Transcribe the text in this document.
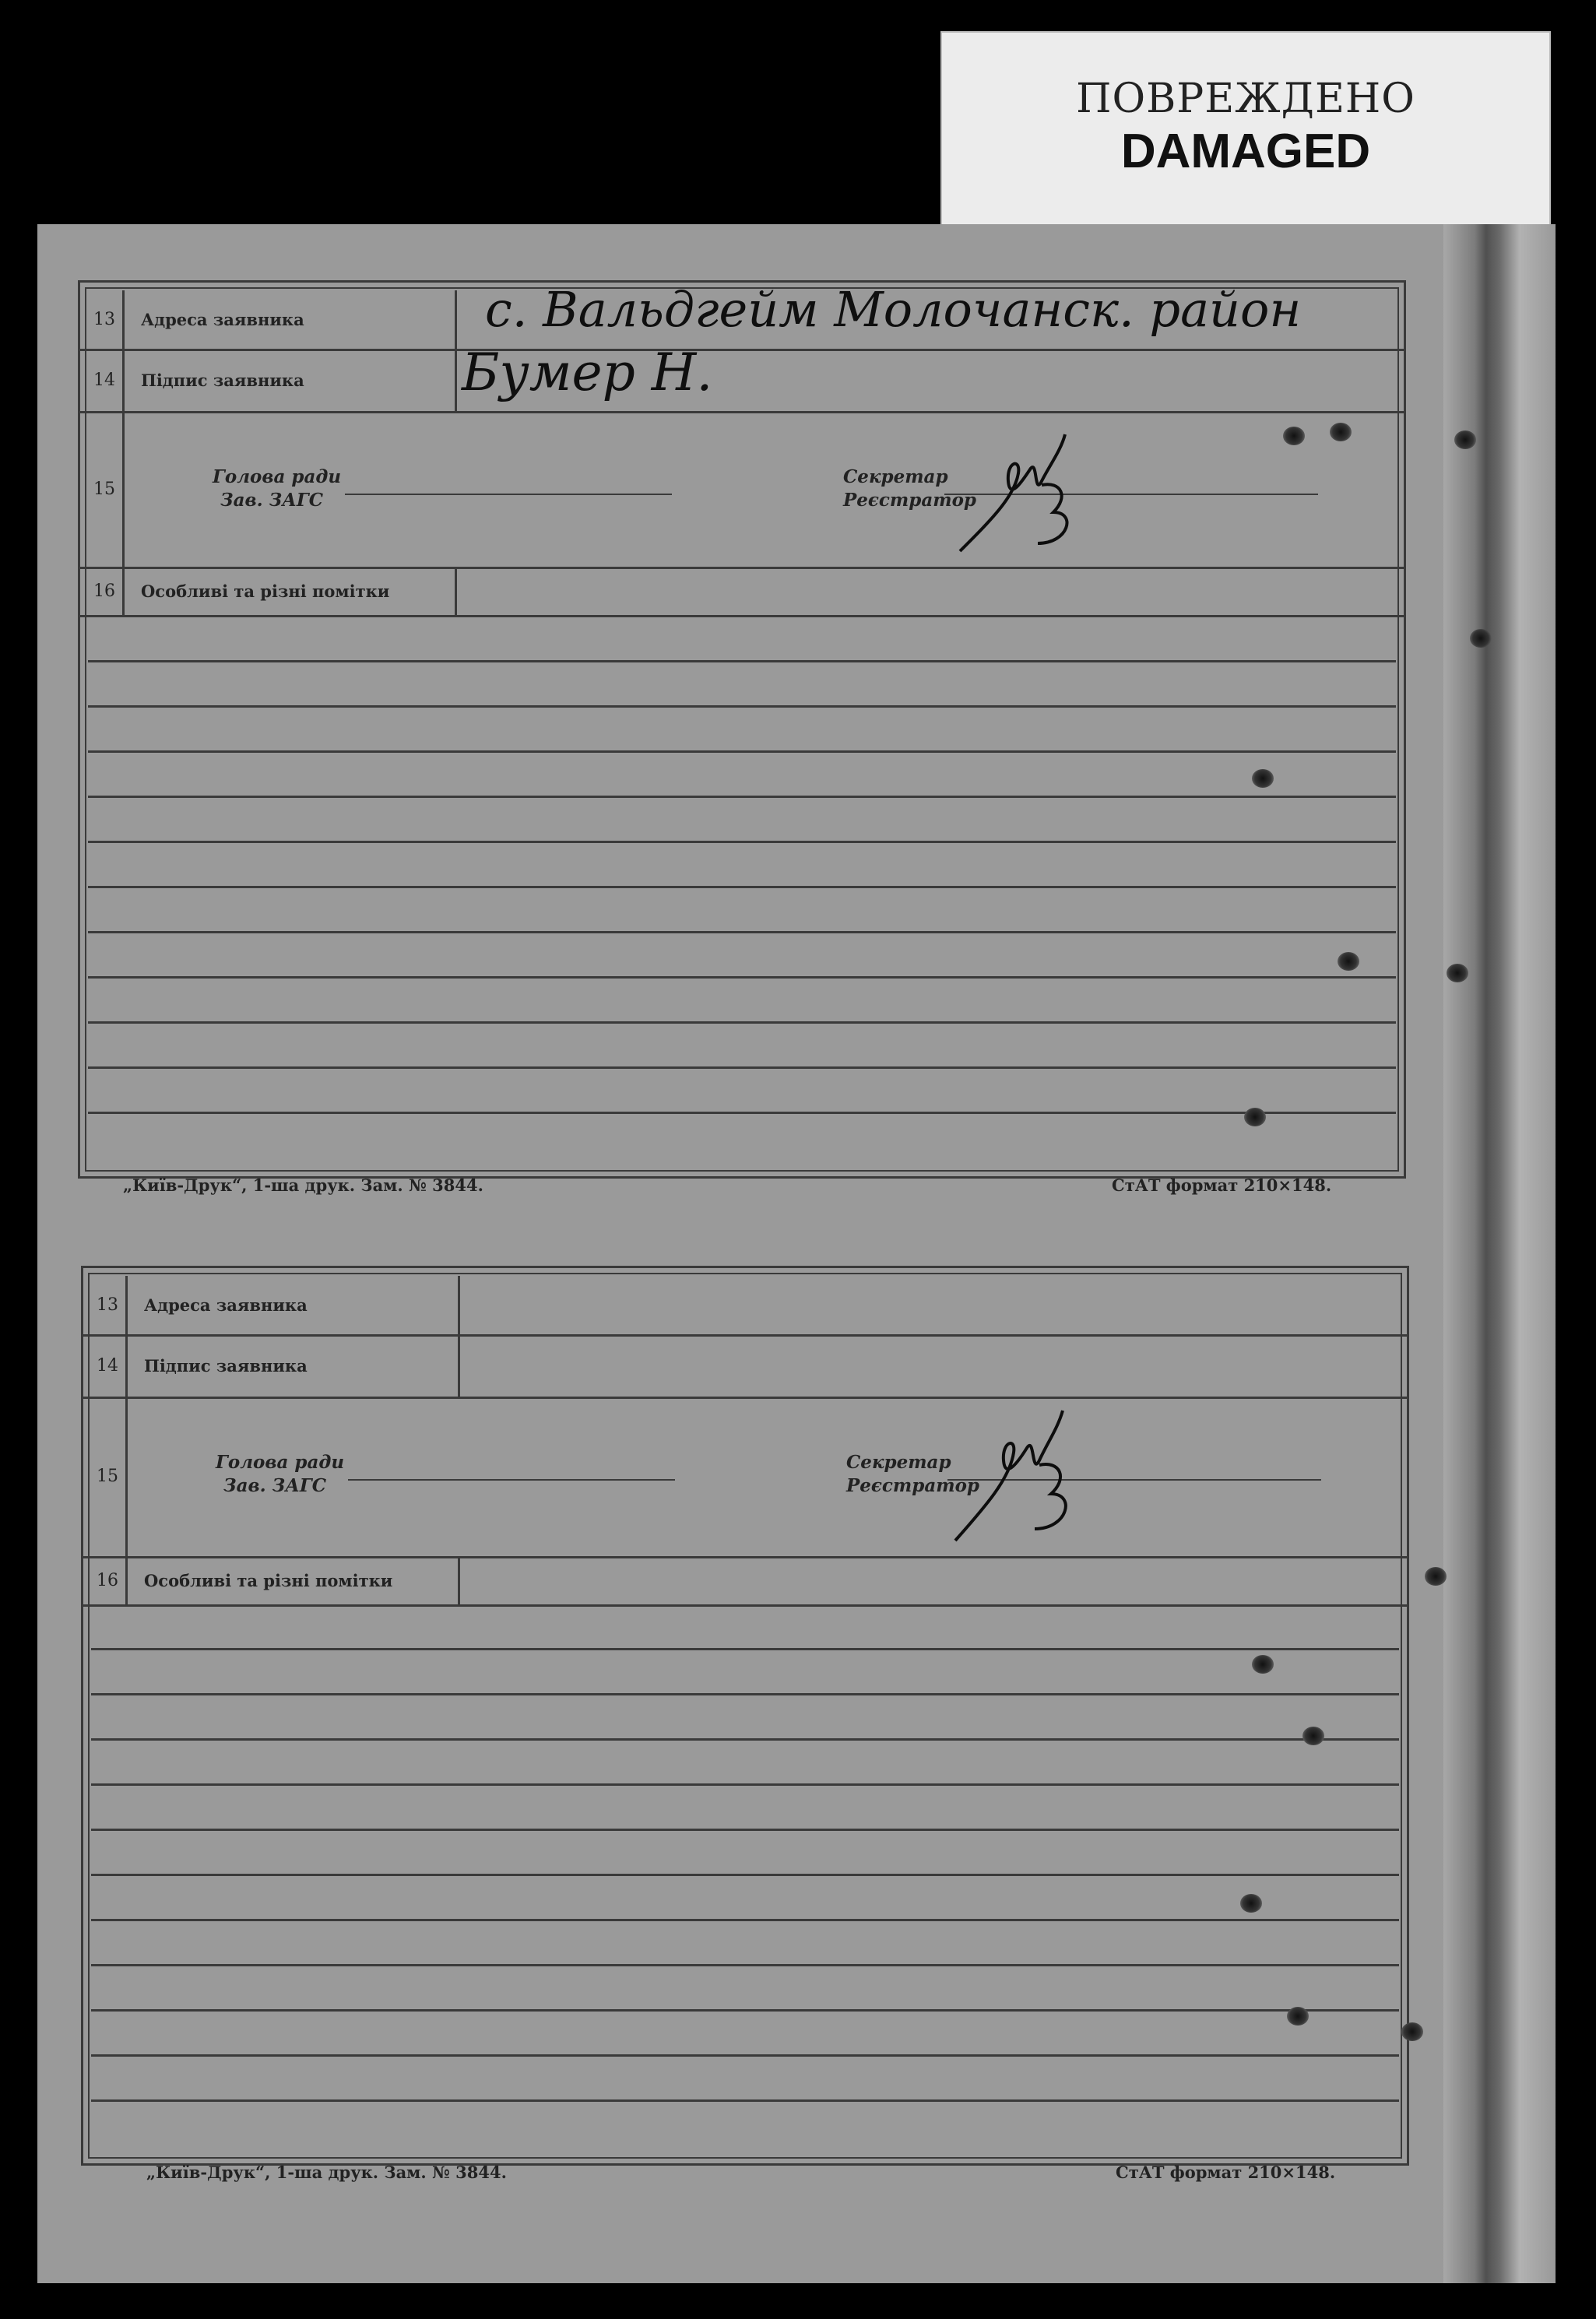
ПОВРЕЖДЕНО
DAMAGED
13	Адреса заявника	с. Вальдгейм Молочанск. район
14	Підпис заявника	Бумер Н.
15
Голова ради
Зав. ЗАГС
Секретар
Реєстратор
16	Особливі та різні помітки
„Київ-Друк“, 1-ша друк. Зам. № 3844.	СтАТ формат 210×148.
13	Адреса заявника
14	Підпис заявника
15
Голова ради
Зав. ЗАГС
Секретар
Реєстратор
16	Особливі та різні помітки
„Київ-Друк“, 1-ша друк. Зам. № 3844.	СтАТ формат 210×148.
